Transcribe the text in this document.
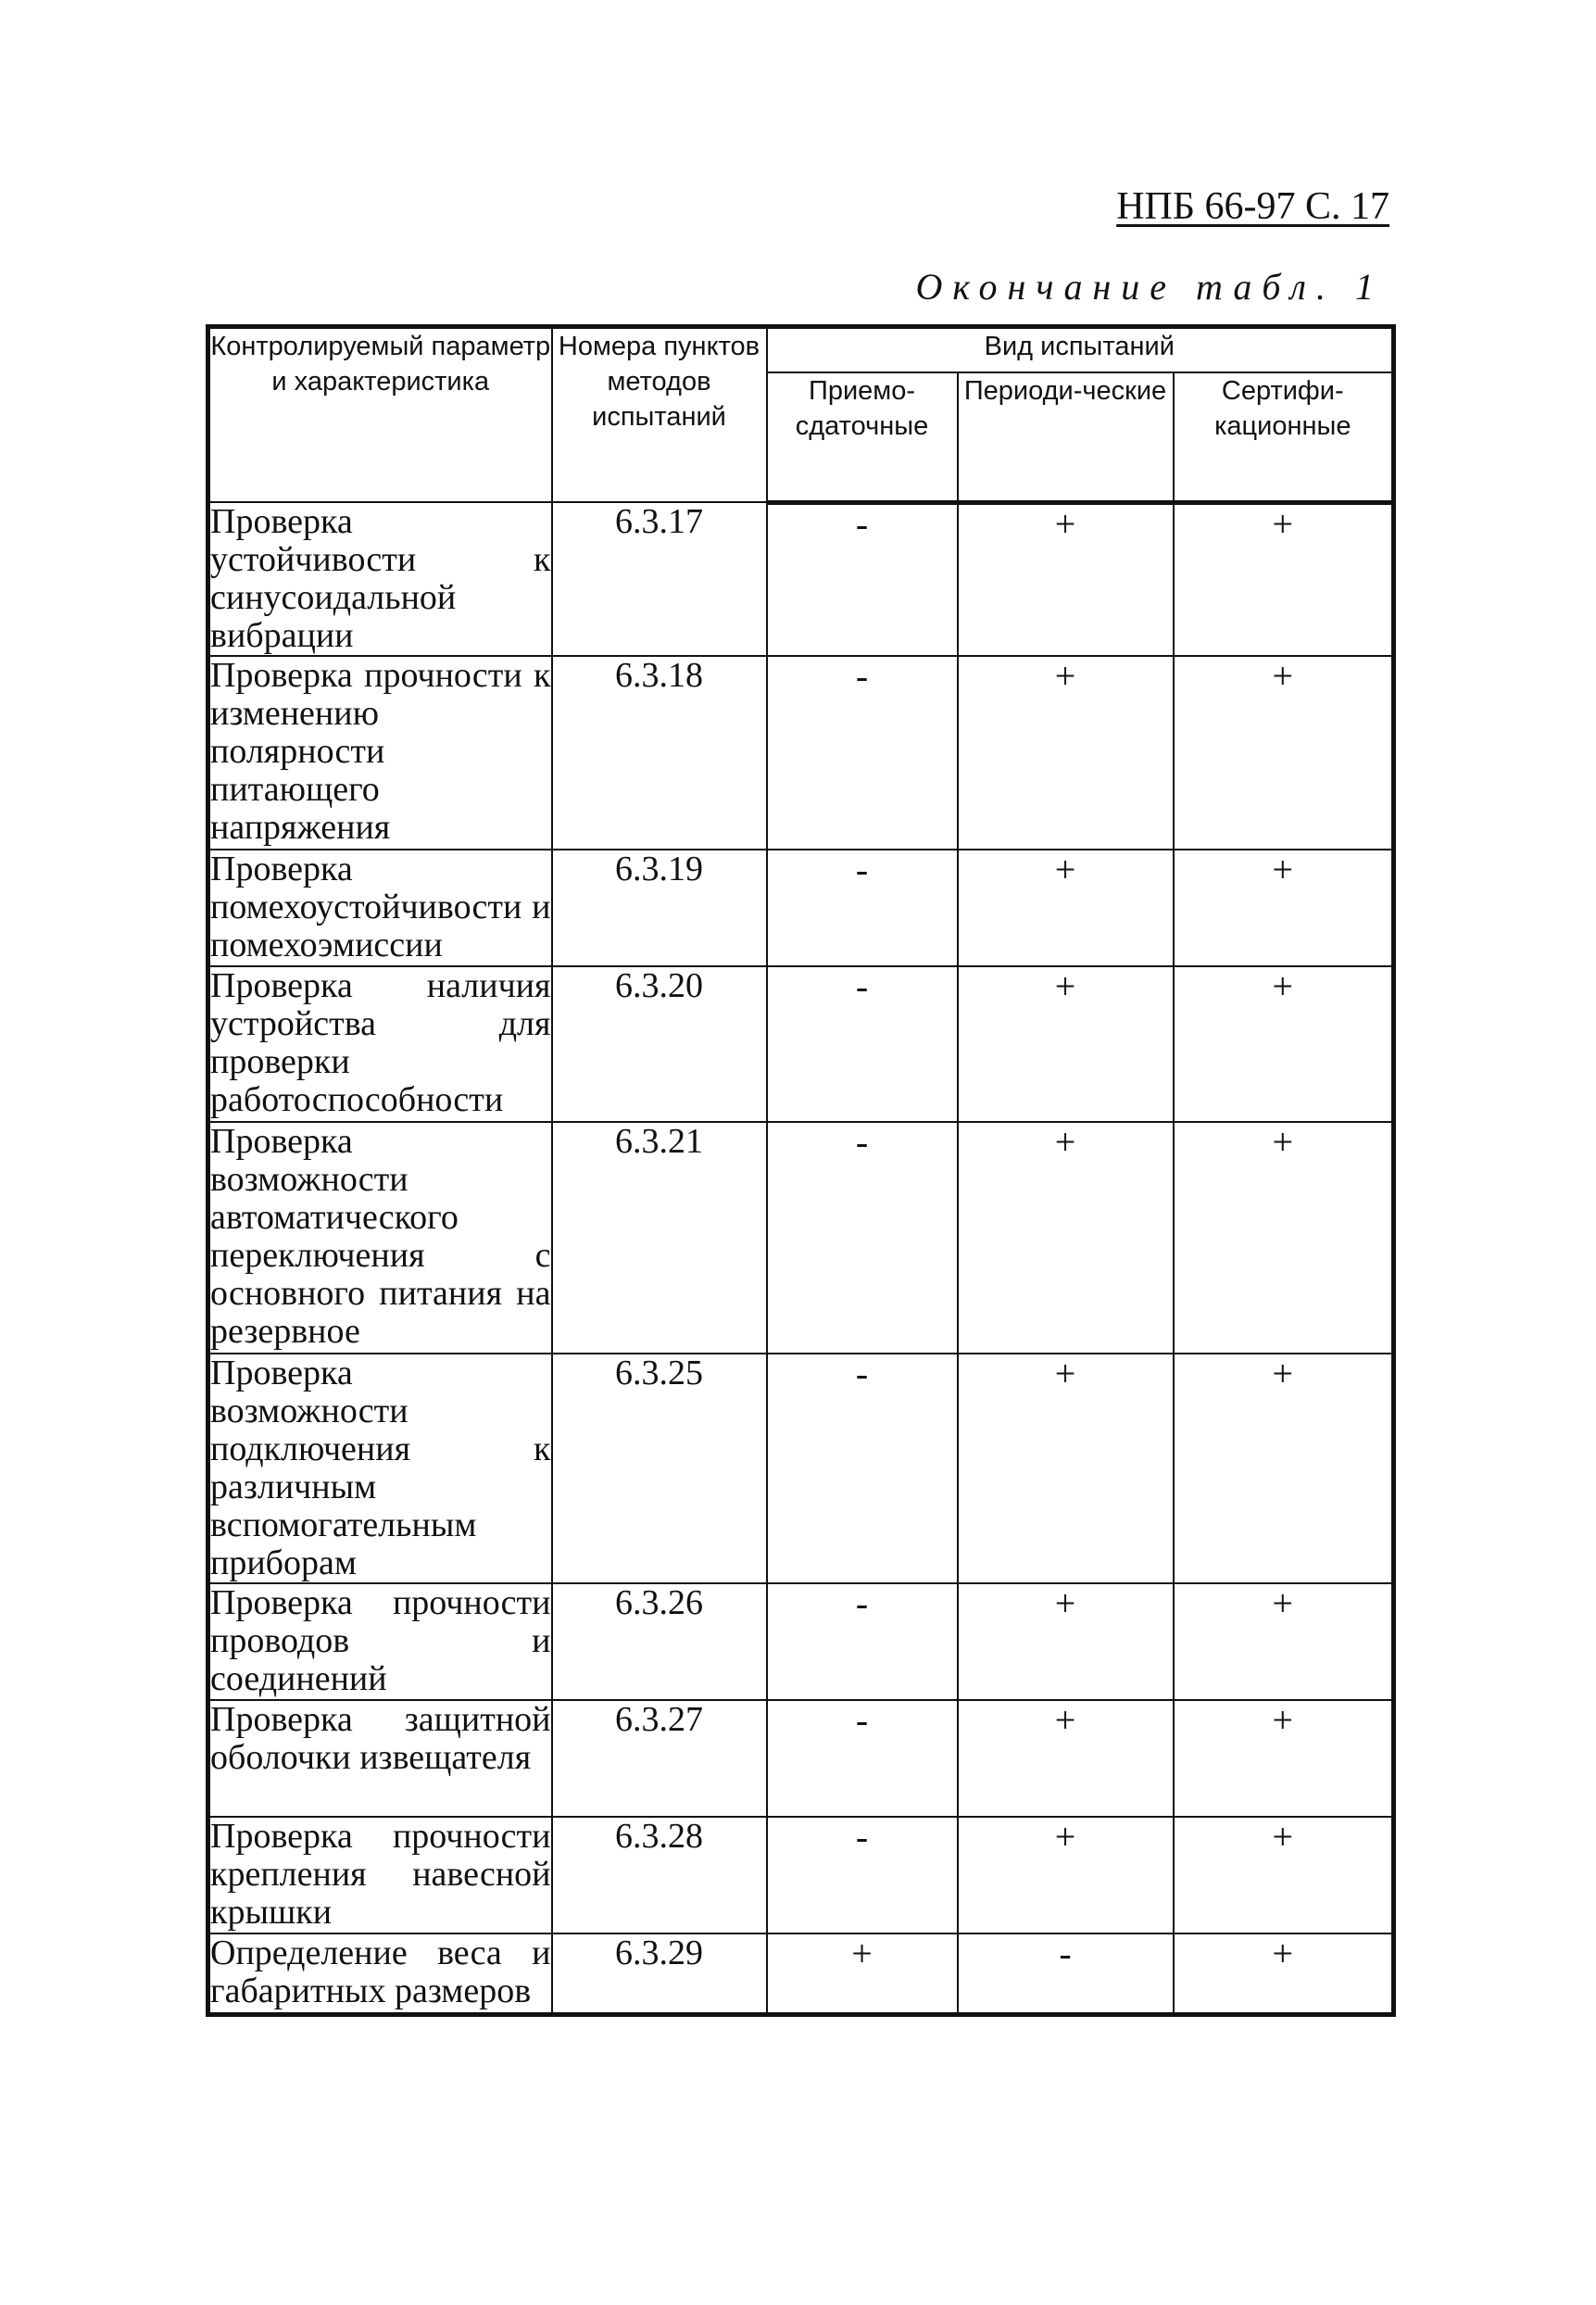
НПБ 66-97 С. 17
Окончание табл. 1
Контролируемый параметр и характеристика	Номера пунктов методов испытаний	Вид испытаний		
		Приемо-сдаточные	Периоди-ческие	Сертифи-кационные
Проверка устойчивости к синусоидальной вибрации	6.3.17	-	+	+
Проверка прочности к изменению полярности питающего напряжения	6.3.18	-	+	+
Проверка помехоустойчивости и помехоэмиссии	6.3.19	-	+	+
Проверка наличия устройства для проверки работоспособности	6.3.20	-	+	+
Проверка возможности автоматического переключения с основного питания на резервное	6.3.21	-	+	+
Проверка возможности подключения к различным вспомогательным приборам	6.3.25	-	+	+
Проверка прочности проводов и соединений	6.3.26	-	+	+
Проверка защитной оболочки извещателя	6.3.27	-	+	+
Проверка прочности крепления навесной крышки	6.3.28	-	+	+
Определение веса и габаритных размеров	6.3.29	+	-	+
